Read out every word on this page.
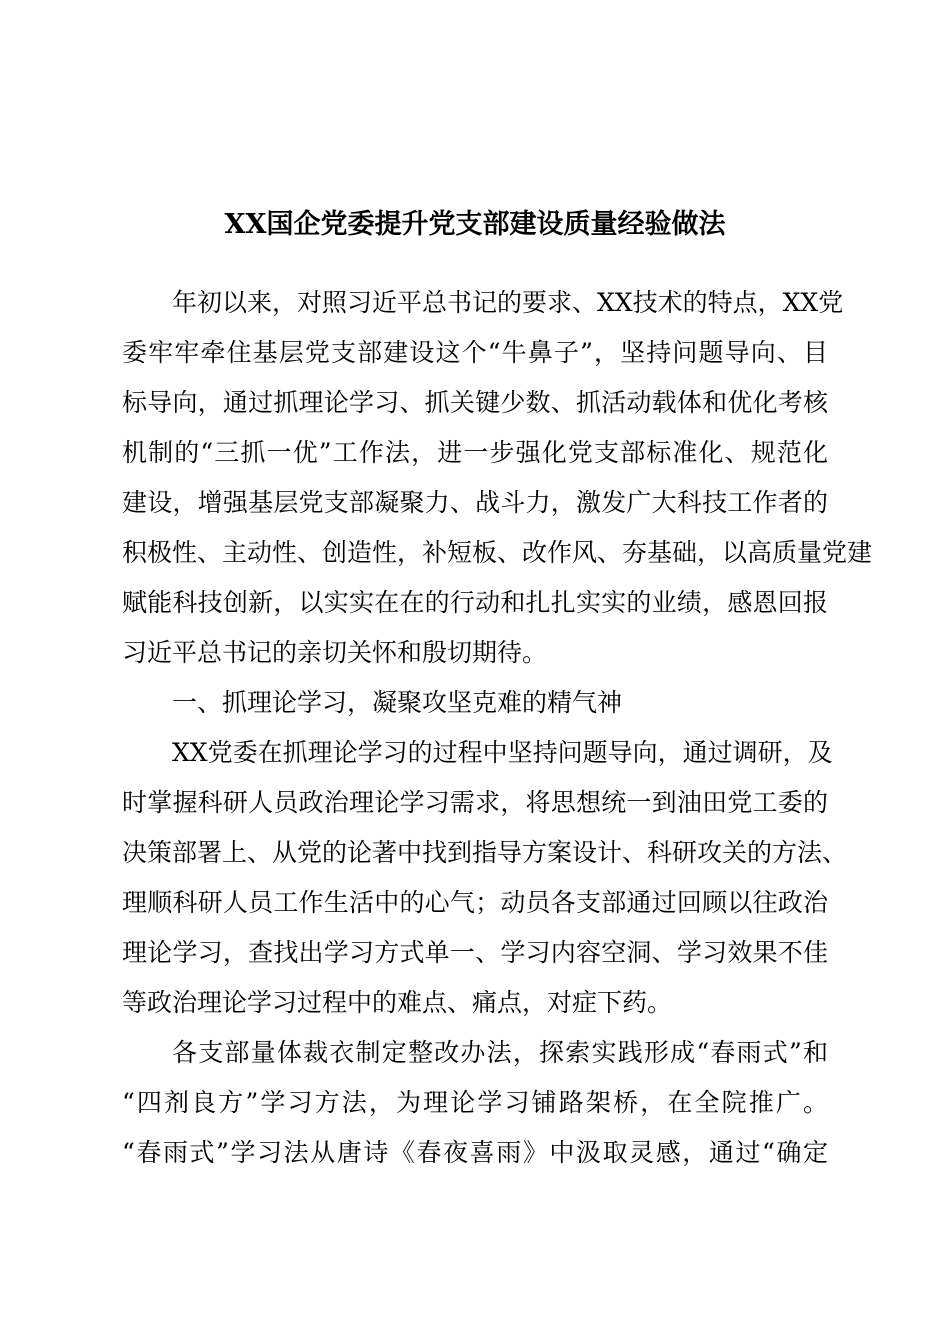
XX国企党委提升党支部建设质量经验做法

年初以来，对照习近平总书记的要求、XX技术的特点，XX党

委牢牢牵住基层党支部建设这个“牛鼻子”，坚持问题导向、目

标导向，通过抓理论学习、抓关键少数、抓活动载体和优化考核

机制的“三抓一优”工作法，进一步强化党支部标准化、规范化

建设，增强基层党支部凝聚力、战斗力，激发广大科技工作者的

积极性、主动性、创造性，补短板、改作风、夯基础，以高质量党建

赋能科技创新，以实实在在的行动和扎扎实实的业绩，感恩回报

习近平总书记的亲切关怀和殷切期待。

一、抓理论学习，凝聚攻坚克难的精气神

XX党委在抓理论学习的过程中坚持问题导向，通过调研，及

时掌握科研人员政治理论学习需求，将思想统一到油田党工委的

决策部署上、从党的论著中找到指导方案设计、科研攻关的方法、

理顺科研人员工作生活中的心气；动员各支部通过回顾以往政治

理论学习，查找出学习方式单一、学习内容空洞、学习效果不佳

等政治理论学习过程中的难点、痛点，对症下药。

各支部量体裁衣制定整改办法，探索实践形成“春雨式”和

“四剂良方”学习方法，为理论学习铺路架桥，在全院推广。

“春雨式”学习法从唐诗《春夜喜雨》中汲取灵感，通过“确定
